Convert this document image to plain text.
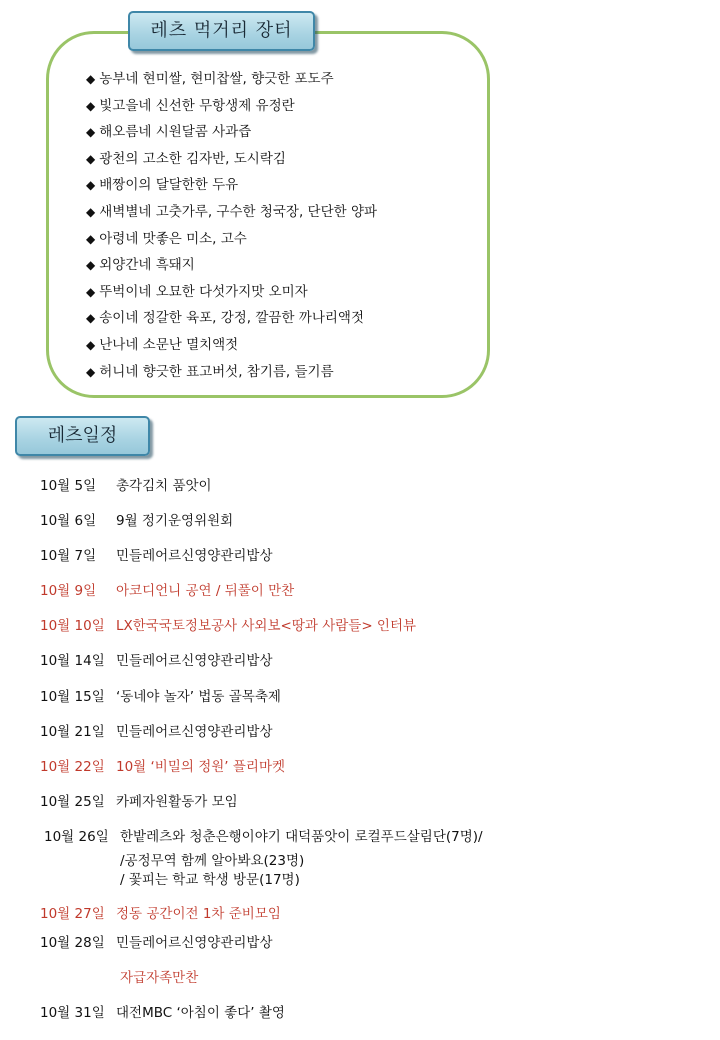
레츠 먹거리 장터
◆ 농부네 현미쌀, 현미찹쌀, 향긋한 포도주
◆ 빛고을네 신선한 무항생제 유정란
◆ 해오름네 시원달콤 사과즙
◆ 광천의 고소한 김자반, 도시락김
◆ 배짱이의 달달한한 두유
◆ 새벽별네 고춧가루, 구수한 청국장, 단단한 양파
◆ 아령네 맛좋은 미소, 고수
◆ 외양간네 흑돼지
◆ 뚜벅이네 오묘한 다섯가지맛 오미자
◆ 송이네 정갈한 육포, 강정, 깔끔한 까나리액젓
◆ 난나네 소문난 멸치액젓
◆ 허니네 향긋한 표고버섯, 참기름, 들기름
레츠일정
10월 5일 총각김치 품앗이
10월 6일 9월 정기운영위원회
10월 7일 민들레어르신영양관리밥상
10월 9일 아코디언니 공연 / 뒤풀이 만찬
10월 10일 LX한국국토정보공사 사외보<땅과 사람들> 인터뷰
10월 14일 민들레어르신영양관리밥상
10월 15일 ‘동네야 놀자’ 법동 골목축제
10월 21일 민들레어르신영양관리밥상
10월 22일 10월 ‘비밀의 정원’ 플리마켓
10월 25일 카페자원활동가 모임
10월 26일 한밭레츠와 청춘은행이야기 대덕품앗이 로컬푸드살림단(7명)/
/공정무역 함께 알아봐요(23명)
/ 꽃피는 학교 학생 방문(17명)
10월 27일 정동 공간이전 1차 준비모임
10월 28일 민들레어르신영양관리밥상
자급자족만찬
10월 31일 대전MBC ‘아침이 좋다’ 촬영
